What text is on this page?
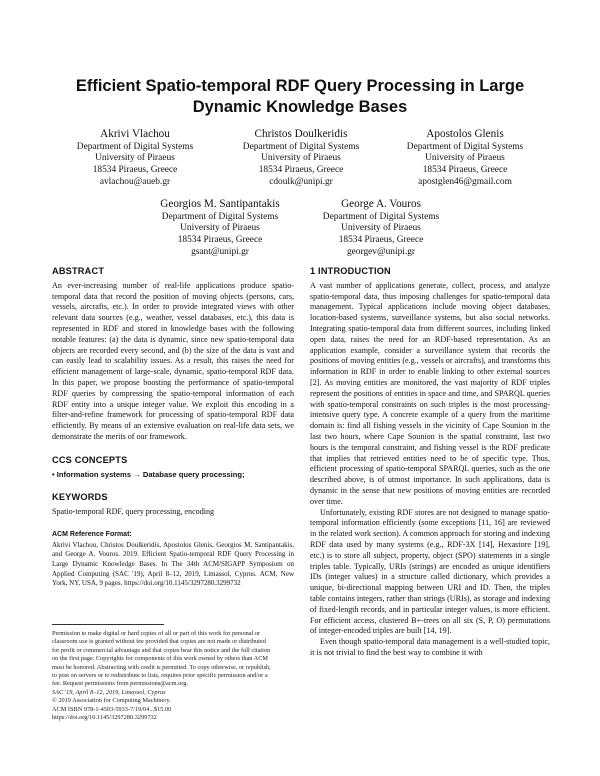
Efficient Spatio-temporal RDF Query Processing in Large Dynamic Knowledge Bases
Akrivi Vlachou
Department of Digital Systems
University of Piraeus
18534 Piraeus, Greece
avlachou@aueb.gr
Christos Doulkeridis
Department of Digital Systems
University of Piraeus
18534 Piraeus, Greece
cdoulk@unipi.gr
Apostolos Glenis
Department of Digital Systems
University of Piraeus
18534 Piraeus, Greece
apostglen46@gmail.com
Georgios M. Santipantakis
Department of Digital Systems
University of Piraeus
18534 Piraeus, Greece
gsant@unipi.gr
George A. Vouros
Department of Digital Systems
University of Piraeus
18534 Piraeus, Greece
georgev@unipi.gr
ABSTRACT

An ever-increasing number of real-life applications produce spatio-temporal data that record the position of moving objects (persons, cars, vessels, aircrafts, etc.). In order to provide integrated views with other relevant data sources (e.g., weather, vessel databases, etc.), this data is represented in RDF and stored in knowledge bases with the following notable features: (a) the data is dynamic, since new spatio-temporal data objects are recorded every second, and (b) the size of the data is vast and can easily lead to scalability issues. As a result, this raises the need for efficient management of large-scale, dynamic, spatio-temporal RDF data. In this paper, we propose boosting the performance of spatio-temporal RDF queries by compressing the spatio-temporal information of each RDF entity into a unique integer value. We exploit this encoding in a filter-and-refine framework for processing of spatio-temporal RDF data efficiently. By means of an extensive evaluation on real-life data sets, we demonstrate the merits of our framework.

CCS CONCEPTS

• Information systems → Database query processing;

KEYWORDS

Spatio-temporal RDF, query processing, encoding

ACM Reference Format:

Akrivi Vlachou, Christos Doulkeridis, Apostolos Glenis, Georgios M. Santipantakis, and George A. Vouros. 2019. Efficient Spatio-temporal RDF Query Processing in Large Dynamic Knowledge Bases. In The 34th ACM/SIGAPP Symposium on Applied Computing (SAC '19), April 8–12, 2019, Limassol, Cyprus. ACM, New York, NY, USA, 9 pages. https://doi.org/10.1145/3297280.3299732

Permission to make digital or hard copies of all or part of this work for personal or
classroom use is granted without fee provided that copies are not made or distributed
for profit or commercial advantage and that copies bear this notice and the full citation
on the first page. Copyrights for components of this work owned by others than ACM
must be honored. Abstracting with credit is permitted. To copy otherwise, or republish,
to post on servers or to redistribute to lists, requires prior specific permission and/or a
fee. Request permissions from permissions@acm.org.
SAC '19, April 8–12, 2019, Limassol, Cyprus
© 2019 Association for Computing Machinery.
ACM ISBN 978-1-4503-5933-7/19/04...$15.00
https://doi.org/10.1145/3297280.3299732
1 INTRODUCTION

A vast number of applications generate, collect, process, and analyze spatio-temporal data, thus imposing challenges for spatio-temporal data management. Typical applications include moving object databases, location-based systems, surveillance systems, but also social networks. Integrating spatio-temporal data from different sources, including linked open data, raises the need for an RDF-based representation. As an application example, consider a surveillance system that records the positions of moving entities (e.g., vessels or aircrafts), and transforms this information in RDF in order to enable linking to other external sources [2]. As moving entities are monitored, the vast majority of RDF triples represent the positions of entities in space and time, and SPARQL queries with spatio-temporal constraints on such triples is the most processing-intensive query type. A concrete example of a query from the maritime domain is: find all fishing vessels in the vicinity of Cape Sounion in the last two hours, where Cape Sounion is the spatial constraint, last two hours is the temporal constraint, and fishing vessel is the RDF predicate that implies that retrieved entities need to be of specific type. Thus, efficient processing of spatio-temporal SPARQL queries, such as the one described above, is of utmost importance. In such applications, data is dynamic in the sense that new positions of moving entities are recorded over time.

Unfortunately, existing RDF stores are not designed to manage spatio-temporal information efficiently (some exceptions [11, 16] are reviewed in the related work section). A common approach for storing and indexing RDF data used by many systems (e.g., RDF-3X [14], Hexastore [19], etc.) is to store all subject, property, object (SPO) statements in a single triples table. Typically, URIs (strings) are encoded as unique identifiers IDs (integer values) in a structure called dictionary, which provides a unique, bi-directional mapping between URI and ID. Then, the triples table contains integers, rather than strings (URIs), as storage and indexing of fixed-length records, and in particular integer values, is more efficient. For efficient access, clustered B+-trees on all six (S, P, O) permutations of integer-encoded triples are built [14, 19].

Even though spatio-temporal data management is a well-studied topic, it is not trivial to find the best way to combine it with
